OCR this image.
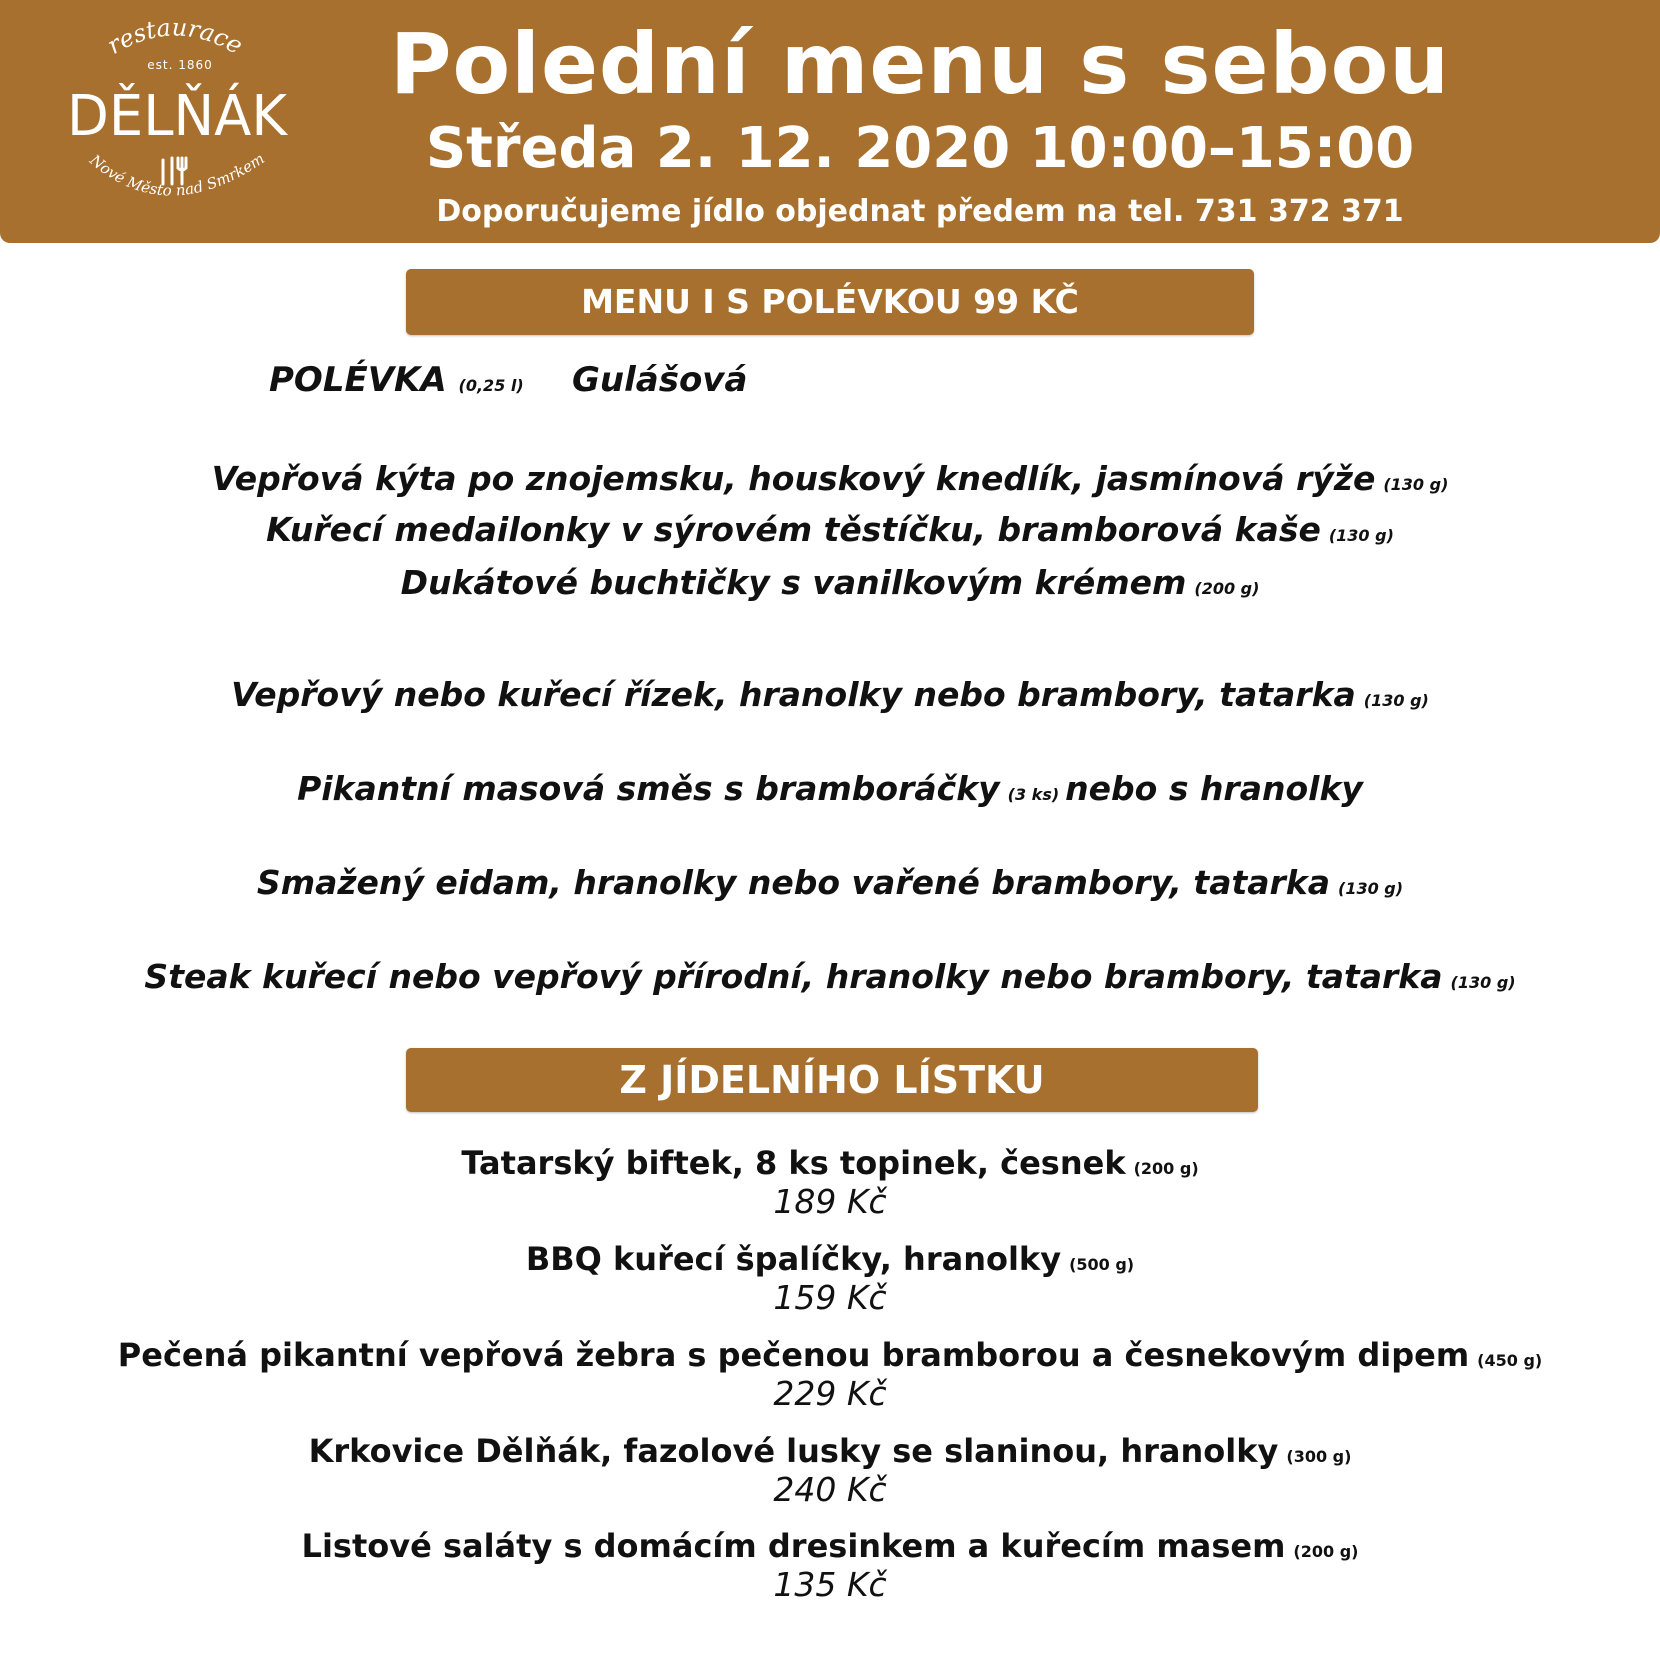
restaurace
est. 1860
DĚLŇÁK
Nové Město nad Smrkem
Polední menu s sebou
Středa 2. 12. 2020 10:00–15:00
Doporučujeme jídlo objednat předem na tel. 731 372 371
MENU I S POLÉVKOU 99 KČ
POLÉVKA (0,25 l) Gulášová
Vepřová kýta po znojemsku, houskový knedlík, jasmínová rýže (130 g)
Kuřecí medailonky v sýrovém těstíčku, bramborová kaše (130 g)
Dukátové buchtičky s vanilkovým krémem (200 g)
Vepřový nebo kuřecí řízek, hranolky nebo brambory, tatarka (130 g)
Pikantní masová směs s bramboráčky (3 ks) nebo s hranolky
Smažený eidam, hranolky nebo vařené brambory, tatarka (130 g)
Steak kuřecí nebo vepřový přírodní, hranolky nebo brambory, tatarka (130 g)
Z JÍDELNÍHO LÍSTKU
Tatarský biftek, 8 ks topinek, česnek (200 g)
189 Kč
BBQ kuřecí špalíčky, hranolky (500 g)
159 Kč
Pečená pikantní vepřová žebra s pečenou bramborou a česnekovým dipem (450 g)
229 Kč
Krkovice Dělňák, fazolové lusky se slaninou, hranolky (300 g)
240 Kč
Listové saláty s domácím dresinkem a kuřecím masem (200 g)
135 Kč
